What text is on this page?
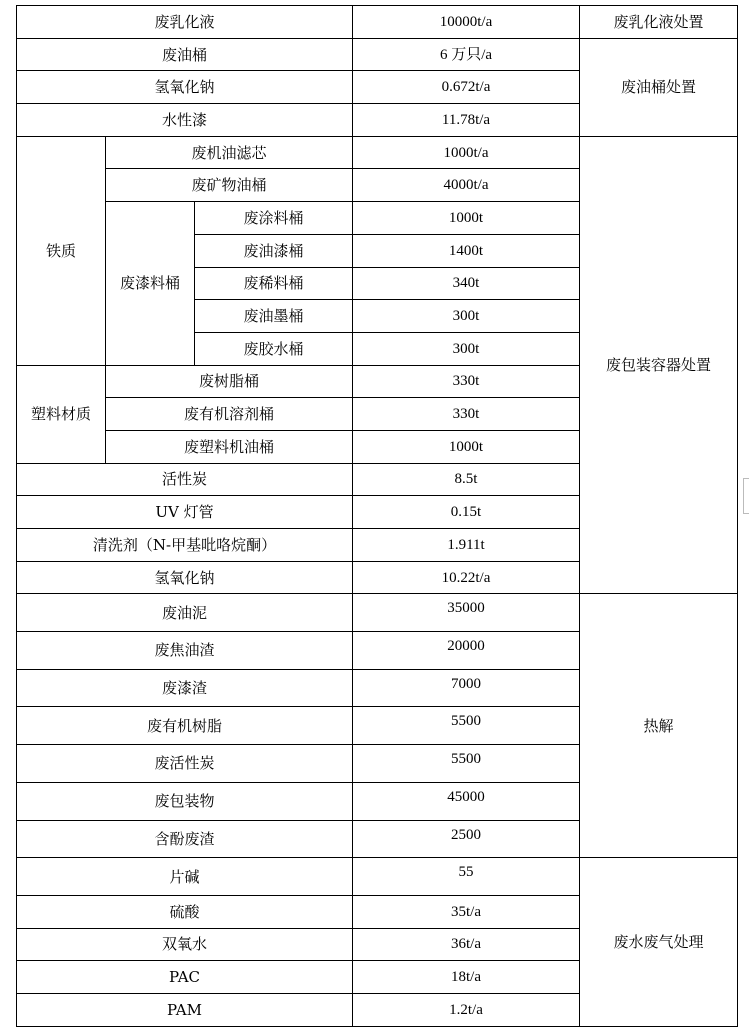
废乳化液			10000t/a	废乳化液处置
废油桶			6 万只/a	废油桶处置
氢氧化钠			0.672t/a	
水性漆			11.78t/a	
铁质	废机油滤芯		1000t/a	废包装容器处置
	废矿物油桶		4000t/a	
	废漆料桶	废涂料桶	1000t	
		废油漆桶	1400t	
		废稀料桶	340t	
		废油墨桶	300t	
		废胶水桶	300t	
塑料材质	废树脂桶		330t	
	废有机溶剂桶		330t	
	废塑料机油桶		1000t	
活性炭			8.5t	
UV 灯管			0.15t	
清洗剂（N-甲基吡咯烷酮）			1.911t	
氢氧化钠			10.22t/a	
废油泥			35000	热解
废焦油渣			20000	
废漆渣			7000	
废有机树脂			5500	
废活性炭			5500	
废包装物			45000	
含酚废渣			2500	
片碱			55	废水废气处理
硫酸			35t/a	
双氧水			36t/a	
PAC			18t/a	
PAM			1.2t/a	
